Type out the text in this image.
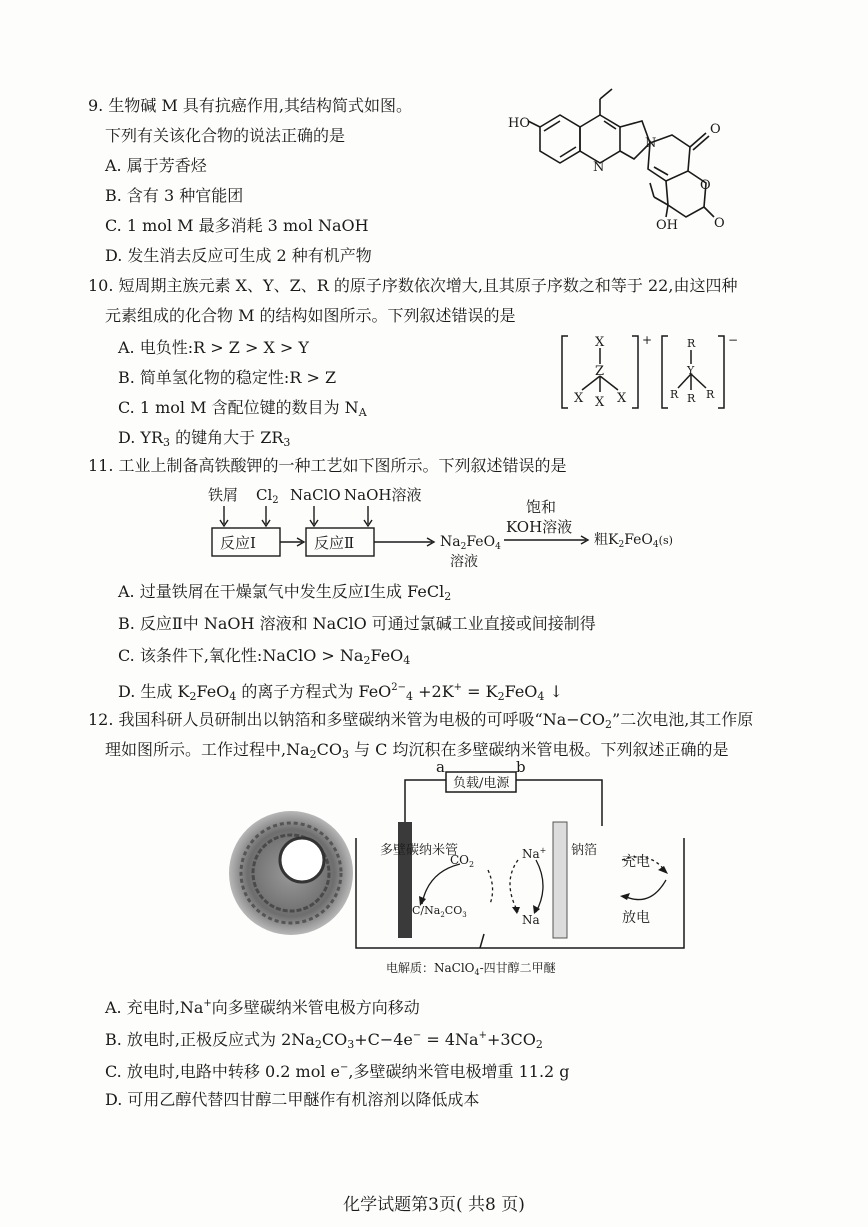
9. 生物碱 M 具有抗癌作用,其结构简式如图。
下列有关该化合物的说法正确的是
A. 属于芳香烃
B. 含有 3 种官能团
C. 1 mol M 最多消耗 3 mol NaOH
D. 发生消去反应可生成 2 种有机产物
HO
N
N
O
O
O
OH
10. 短周期主族元素 X、Y、Z、R 的原子序数依次增大,且其原子序数之和等于 22,由这四种
元素组成的化合物 M 的结构如图所示。下列叙述错误的是
A. 电负性:R > Z > X > Y
B. 简单氢化物的稳定性:R > Z
C. 1 mol M 含配位键的数目为 $N_A$
D. $YR_3$ 的键角大于 $ZR_3$
X
Z
X X X
+	R
Y
R R R
−
11. 工业上制备高铁酸钾的一种工艺如下图所示。下列叙述错误的是
铁屑 $Cl_2$ NaClO NaOH溶液
反应Ⅰ	反应Ⅱ	$Na_2FeO_4$
溶液
饱和
KOH溶液
粗$K_2FeO_4^{(s)}$
A. 过量铁屑在干燥氯气中发生反应Ⅰ生成 FeCl$_2$
B. 反应Ⅱ中 NaOH 溶液和 NaClO 可通过氯碱工业直接或间接制得
C. 该条件下,氧化性:NaClO > $Na_2FeO_4$
D. 生成 $K_2FeO_4$ 的离子方程式为 $FeO^{2-}_4 +2K^+ = K_2FeO_4$ ↓
12. 我国科研人员研制出以钠箔和多壁碳纳米管为电极的可呼吸“$Na-CO_2$”二次电池,其工作原
理如图所示。工作过程中$,Na_2CO_3$ 与 C 均沉积在多壁碳纳米管电极。下列叙述正确的是
a	b
负载/电源
多壁碳纳米管	钠箔
$CO_2$
Na+
Na
$C/Na_2CO_3$
充电
放电
电解质：NaClO$_4$-四甘醇二甲醚
A. 充电时,Na+向多壁碳纳米管电极方向移动
B. 放电时,正极反应式为 $2Na_2CO_3+C-4e^- = 4Na^++3CO_2$
C. 放电时,电路中转移 0.2 mol e−,多壁碳纳米管电极增重 11.2 g
D. 可用乙醇代替四甘醇二甲醚作有机溶剂以降低成本
化学试题第3页( 共8 页)
